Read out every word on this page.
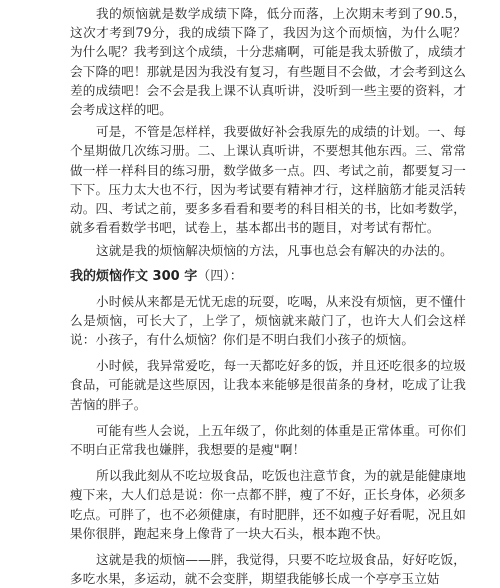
我的烦恼就是数学成绩下降，低分而落，上次期末考到了90.5，这次才考到79分，我的成绩下降了，我因为这个而烦恼，为什么呢？为什么呢？我考到这个成绩，十分悲痛啊，可能是我太骄傲了，成绩才会下降的吧！那就是因为我没有复习，有些题目不会做，才会考到这么差的成绩吧！会不会是我上课不认真听讲，没听到一些主要的资料，才会考成这样的吧。

可是，不管是怎样样，我要做好补会我原先的成绩的计划。一、每个星期做几次练习册。二、上课认真听讲，不要想其他东西。三、常常做一样一样科目的练习册，数学做多一点。四、考试之前，都要复习一下下。压力太大也不行，因为考试要有精神才行，这样脑筋才能灵活转动。四、考试之前，要多多看看和要考的科目相关的书，比如考数学，就多看看数学书吧，试卷上，基本都出书的题目，对考试有帮忙。

这就是我的烦恼解决烦恼的方法，凡事也总会有解决的办法的。

我的烦恼作文 300 字（四）：

小时候从来都是无忧无虑的玩耍，吃喝，从来没有烦恼，更不懂什么是烦恼，可长大了，上学了，烦恼就来敲门了，也许大人们会这样说：小孩子，有什么烦恼？你们是不明白我们小孩子的烦恼。

小时候，我异常爱吃，每一天都吃好多的饭，并且还吃很多的垃圾食品，可能就是这些原因，让我本来能够是很苗条的身材，吃成了让我苦恼的胖子。

可能有些人会说，上五年级了，你此刻的体重是正常体重。可你们不明白正常我也嫌胖，我想要的是瘦"啊！

所以我此刻从不吃垃圾食品，吃饭也注意节食，为的就是能健康地瘦下来，大人们总是说：你一点都不胖，瘦了不好，正长身体，必须多吃点。可胖了，也不必须健康，有时肥胖，还不如瘦子好看呢，况且如果你很胖，跑起来身上像背了一块大石头，根本跑不快。

这就是我的烦恼——胖，我觉得，只要不吃垃圾食品，好好吃饭，多吃水果，多运动，就不会变胖，期望我能够长成一个亭亭玉立姑
